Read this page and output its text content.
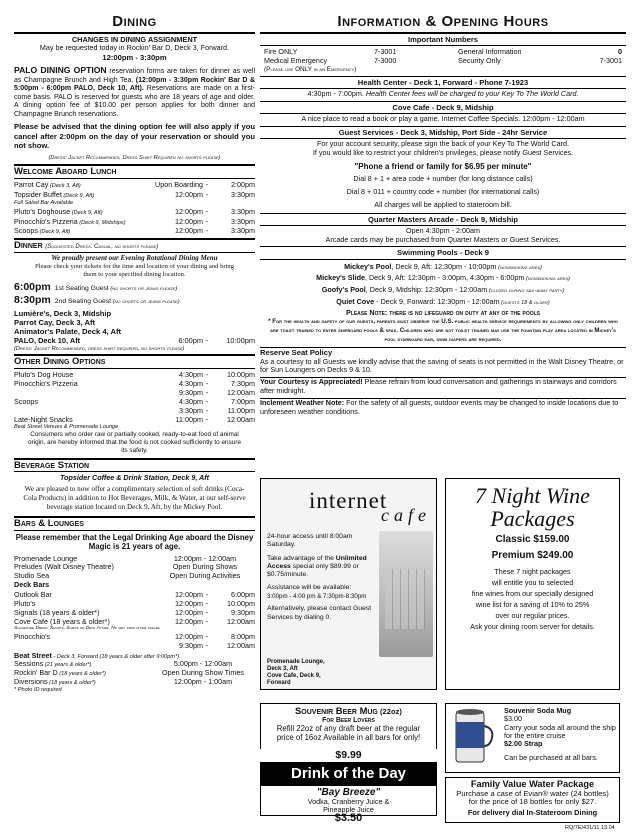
Dining
CHANGES IN DINING ASSIGNMENT
May be requested today in Rockin' Bar D, Deck 3, Forward.
12:00pm - 3:30pm
PALO DINING OPTION reservation forms are taken for dinner as well as Champagne Brunch and High Tea. (12:00pm - 3:30pm Rockin' Bar D & 5:00pm - 6:00pm PALO, Deck 10, Aft). Reservations are made on a first-come basis. PALO is reserved for guests who are 18 years of age and older. A dining option fee of $10.00 per person applies for both dinner and Champagne Brunch reservations.
Please be advised that the dining option fee will also apply if you cancel after 2:00pm on the day of your reservation or should you not show.
(Dress: Jacket Recommended, Dress Shirt Required no shorts please)
Welcome Aboard Lunch
Parrot Cay (Deck 3, Aft)	Upon Boarding -	2:00pm
Topsider Buffet (Deck 9, Aft)	12:00pm -	3:30pm
Full Salad Bar Available
Pluto's Doghouse (Deck 9, Aft)	12:00pm -	3:30pm
Pinocchio's Pizzeria (Deck 9, Midships)	12:00pm -	3:30pm
Scoops (Deck 9, Aft)	12:00pm -	3:30pm
Dinner (Suggested Dress: Casual, no shorts please)
We proudly present our Evening Rotational Dining Menu
Please check your tickets for the time and location of your dining and bring them to your specified dining location.
6:00pm 1st Seating Guest (no shorts or jeans please)
8:30pm 2nd Seating Guest (no shorts or jeans please)
Lumière's, Deck 3, Midship
Parrot Cay, Deck 3, Aft
Animator's Palate, Deck 4, Aft
PALO, Deck 10, Aft	6:00pm -	10:00pm
(Dress: Jacket Recommended, dress shirt required, no shorts please)
Other Dining Options
Pluto's Dog House	4:30pm -	10:00pm
Pinocchio's Pizzeria	4:30pm -	7:30pm
9:30pm -	12:00am
Scoops	4:30pm -	7:00pm
3:30pm -	11:00pm
Late-Night Snacks	11:00pm -	12:00am
Beat Street Venues & Promenade Lounge
Consumers who order raw or partially cooked, ready-to-eat food of animal origin, are hereby informed that the food is not cooked sufficiently to ensure its safety.
Beverage Station
Topsider Coffee & Drink Station, Deck 9, Aft
We are pleased to now offer a complimentary selection of soft drinks (Coca-Cola Products) in addition to Hot Beverages, Milk, & Water, at our self-serve beverage station located on Deck 9, Aft, by the Mickey Pool.
Bars & Lounges
Please remember that the Legal Drinking Age aboard the Disney Magic is 21 years of age.
Promenade Lounge	12:00pm - 12:00am
Preludes (Walt Disney Theatre)	Open During Shows
Studio Sea	Open During Activities
Deck Bars
Outlook Bar	12:00pm -	6:00pm
Pluto's	12:00pm -	10:00pm
Signals (18 years & older*)	12:00pm -	9:30pm
Cove Cafe (18 years & older*)	12:00pm -	12:00am
Suggested Dress: Shorts, Shirts or Deck Attire. No wet swim attire please.
Pinocchio's	12:00pm -	8:00pm
9:30pm -	12:00am
Beat Street - Deck 3, Forward (18 years & older after 9:00pm*)
Sessions (21 years & older*)	5:00pm - 12:00am
Rockin' Bar D (18 years & older*)	Open During Show Times
Diversions (18 years & older*)	12:00pm - 1:00am
* Photo ID required
Information & Opening Hours
Important Numbers
Fire ONLY	7-3001	General Information	0
Medical Emergency	7-3000	Security Only	7-3001
(Please use ONLY in an Emergency)
Health Center - Deck 1, Forward - Phone 7-1923
4:30pm - 7:00pm. Health Center fees will be charged to your Key To The World Card.
Cove Cafe - Deck 9, Midship
A nice place to read a book or play a game. Internet Coffee Specials. 12:00pm - 12:00am
Guest Services - Deck 3, Midship, Port Side - 24hr Service
For your account security, please sign the back of your Key To The World Card.
If you would like to restrict your children's privileges, please notify Guest Services.
"Phone a friend or family for $6.95 per minute"
Dial 8 + 1 + area code + number (for long distance calls)
Dial 8 + 011 + country code + number (for international calls)
All charges will be applied to stateroom bill.
Quarter Masters Arcade - Deck 9, Midship
Open 4:30pm - 2:00am
Arcade cards may be purchased from Quarter Masters or Guest Services.
Swimming Pools - Deck 9
Mickey's Pool, Deck 9, Aft: 12:30pm - 10:00pm (nonsmoking area)
Mickey's Slide, Deck 9, Aft: 12:30pm - 3:00pm, 4:30pm - 6:00pm (nonsmoking area)
Goofy's Pool, Deck 9, Midship: 12:30pm - 12:00am (closed during sail-away party)
Quiet Cove - Deck 9, Forward: 12:30pm - 12:00am (guests 18 & older)
Please Note: there is no lifeguard on duty at any of the pools
* For the health and safety of our guests, parents must observe the U.S. public health service requirements by allowing only children who are toilet trained to enter shipboard pools & spas. Children who are not toilet trained may use the fountain play area located in Mickey's pool starboard ear, swim diapers are required.
Reserve Seat Policy
As a courtesy to all Guests we kindly advise that the saving of seats is not permitted in the Walt Disney Theatre, or for Sun Loungers on Decks 9 & 10.
Your Courtesy is Appreciated! Please refrain from loud conversation and gatherings in stairways and corridors after midnight.
Inclement Weather Note: For the safety of all guests, outdoor events may be changed to inside locations due to unforeseen weather conditions.
internet
cafe
24-hour access until 8:00am Saturday.
Take advantage of the Unlimited Access special only $89.99 or $0.75/minute.
Assistance will be available:
3:00pm - 4:00 pm & 7:30pm-8:30pm
Alternatively, please contact Guest Services by dialing 0.
Promenade Lounge, Deck 3, Aft
Cove Cafe, Deck 9, Forward
7 Night Wine
Packages
Classic $159.00
Premium $249.00
These 7 night packages
will entitle you to selected
fine wines from our specially designed
wine list for a saving of 10% to 25%
over our regular prices.
Ask your dining room server for details.
Souvenir Beer Mug (22oz)
For Beer Lovers
Refill 22oz of any draft beer at the regular price of 16oz Available in all bars for only!
$9.99
Drink of the Day
"Bay Breeze"
Vodka, Cranberry Juice & Pineapple Juice
$3.50
Souvenir Soda Mug
$3.00
Carry your soda all around the ship for the entire cruise
$2.00 Strap
Can be purchased at all bars.
Family Value Water Package
Purchase a case of Evian® water (24 bottles) for the price of 18 bottles for only $27.
For delivery dial In-Stateroom Dining
RQ/7E/431/11 13.04
